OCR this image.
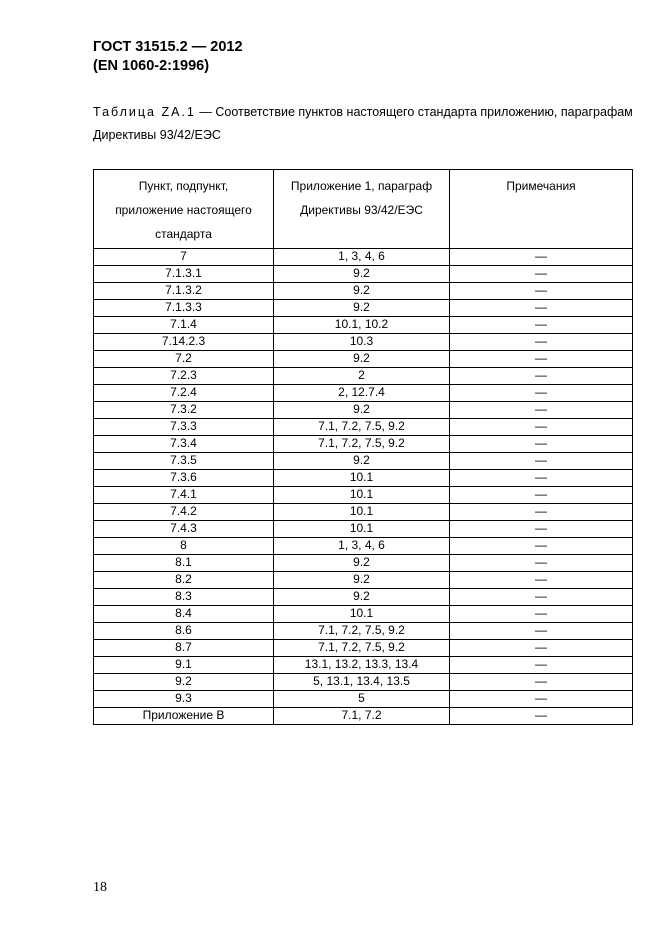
ГОСТ 31515.2 — 2012
(EN 1060-2:1996)
Таблица ZA.1 — Соответствие пунктов настоящего стандарта приложению, параграфам Директивы 93/42/ЕЭС
Пункт, подпункт, приложение настоящего стандарта	Приложение 1, параграф Директивы 93/42/ЕЭС	Примечания
7	1, 3, 4, 6	—
7.1.3.1	9.2	—
7.1.3.2	9.2	—
7.1.3.3	9.2	—
7.1.4	10.1, 10.2	—
7.14.2.3	10.3	—
7.2	9.2	—
7.2.3	2	—
7.2.4	2, 12.7.4	—
7.3.2	9.2	—
7.3.3	7.1, 7.2, 7.5, 9.2	—
7.3.4	7.1, 7.2, 7.5, 9.2	—
7.3.5	9.2	—
7.3.6	10.1	—
7.4.1	10.1	—
7.4.2	10.1	—
7.4.3	10.1	—
8	1, 3, 4, 6	—
8.1	9.2	—
8.2	9.2	—
8.3	9.2	—
8.4	10.1	—
8.6	7.1, 7.2, 7.5, 9.2	—
8.7	7.1, 7.2, 7.5, 9.2	—
9.1	13.1, 13.2, 13.3, 13.4	—
9.2	5, 13.1, 13.4, 13.5	—
9.3	5	—
Приложение В	7.1, 7.2	—
18
